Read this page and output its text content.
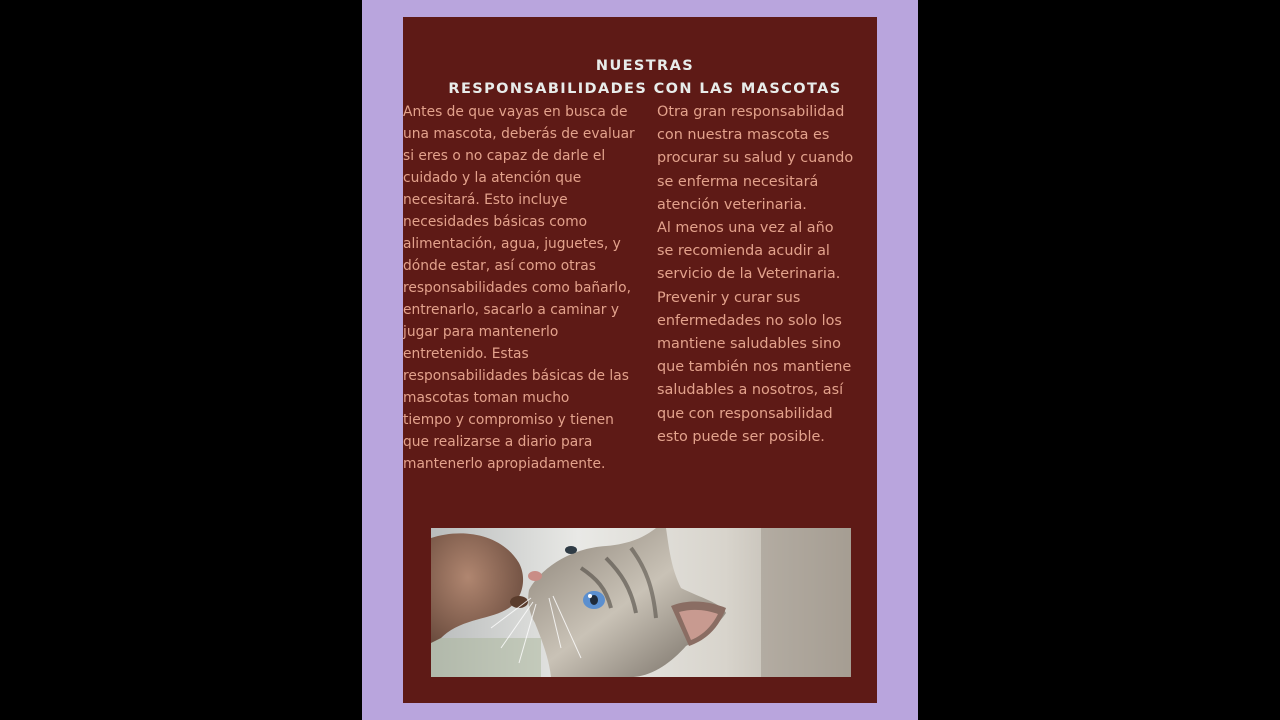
NUESTRAS
RESPONSABILIDADES CON LAS MASCOTAS
Antes de que vayas en busca de
una mascota, deberás de evaluar
si eres o no capaz de darle el
cuidado y la atención que
necesitará. Esto incluye
necesidades básicas como
alimentación, agua, juguetes, y
dónde estar, así como otras
responsabilidades como bañarlo,
entrenarlo, sacarlo a caminar y
jugar para mantenerlo
entretenido. Estas
responsabilidades básicas de las
mascotas toman mucho
tiempo y compromiso y tienen
que realizarse a diario para
mantenerlo apropiadamente.
Otra gran responsabilidad
con nuestra mascota es
procurar su salud y cuando
se enferma necesitará
atención veterinaria.
Al menos una vez al año
se recomienda acudir al
servicio de la Veterinaria.
Prevenir y curar sus
enfermedades no solo los
mantiene saludables sino
que también nos mantiene
saludables a nosotros, así
que con responsabilidad
esto puede ser posible.
